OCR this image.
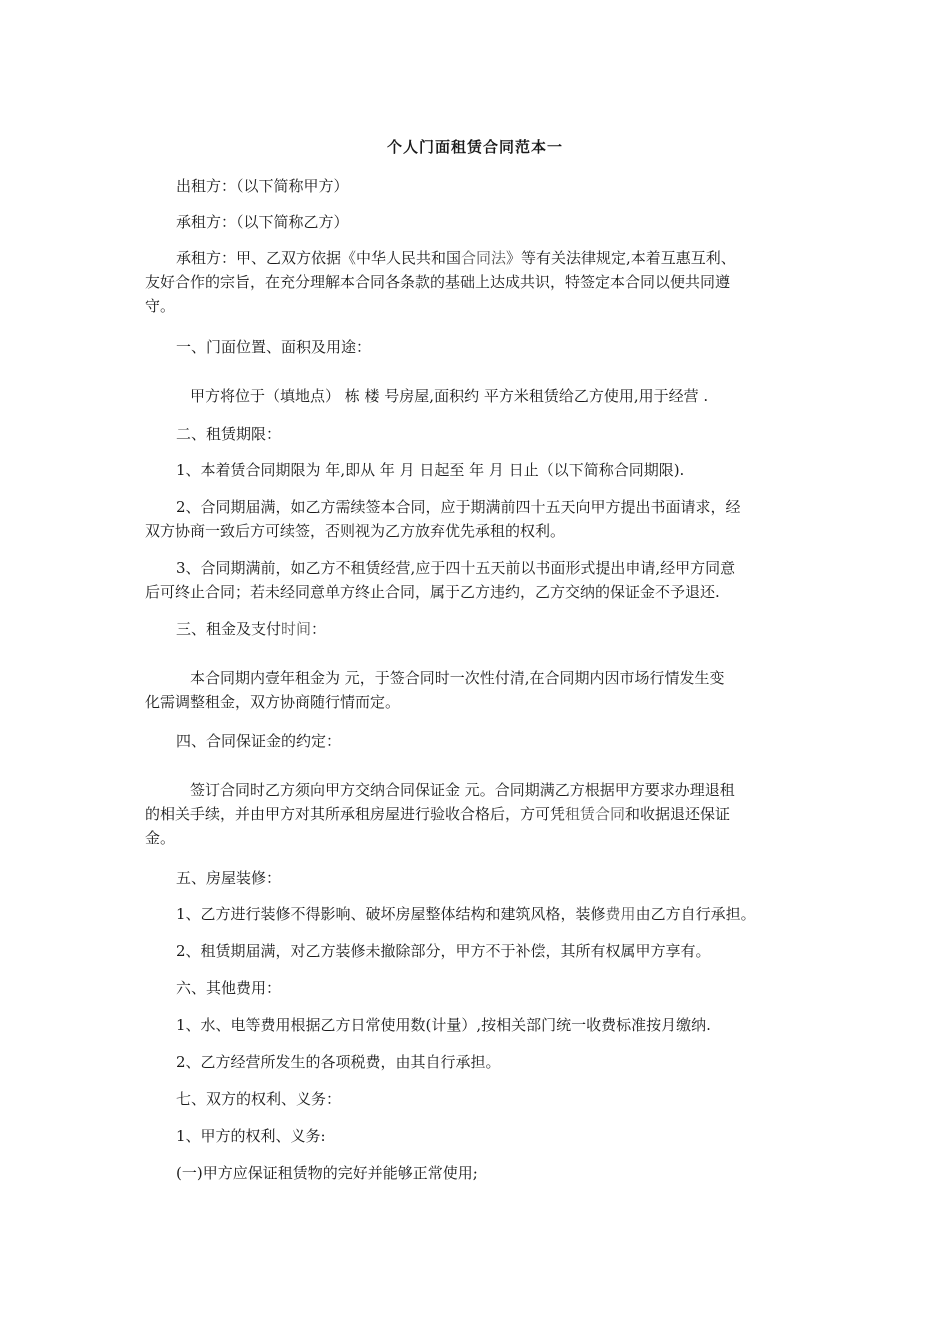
个人门面租赁合同范本一
出租方：（以下简称甲方）
承租方：（以下简称乙方）
承租方：甲、乙双方依据《中华人民共和国合同法》等有关法律规定,本着互惠互利、
友好合作的宗旨，在充分理解本合同各条款的基础上达成共识，特签定本合同以便共同遵
守。
一、门面位置、面积及用途：
甲方将位于（填地点） 栋 楼 号房屋,面积约 平方米租赁给乙方使用,用于经营 .
二、租赁期限：
1、本着赁合同期限为 年,即从 年 月 日起至 年 月 日止（以下简称合同期限).
2、合同期届满，如乙方需续签本合同，应于期满前四十五天向甲方提出书面请求，经
双方协商一致后方可续签，否则视为乙方放弃优先承租的权利。
3、合同期满前，如乙方不租赁经营,应于四十五天前以书面形式提出申请,经甲方同意
后可终止合同；若未经同意单方终止合同，属于乙方违约，乙方交纳的保证金不予退还.
三、租金及支付时间：
本合同期内壹年租金为 元，于签合同时一次性付清,在合同期内因市场行情发生变
化需调整租金，双方协商随行情而定。
四、合同保证金的约定：
签订合同时乙方须向甲方交纳合同保证金 元。合同期满乙方根据甲方要求办理退租
的相关手续，并由甲方对其所承租房屋进行验收合格后，方可凭租赁合同和收据退还保证
金。
五、房屋装修：
1、乙方进行装修不得影响、破坏房屋整体结构和建筑风格，装修费用由乙方自行承担。
2、租赁期届满，对乙方装修未撤除部分，甲方不于补偿，其所有权属甲方享有。
六、其他费用：
1、水、电等费用根据乙方日常使用数(计量）,按相关部门统一收费标准按月缴纳.
2、乙方经营所发生的各项税费，由其自行承担。
七、双方的权利、义务：
1、甲方的权利、义务:
(一)甲方应保证租赁物的完好并能够正常使用;
